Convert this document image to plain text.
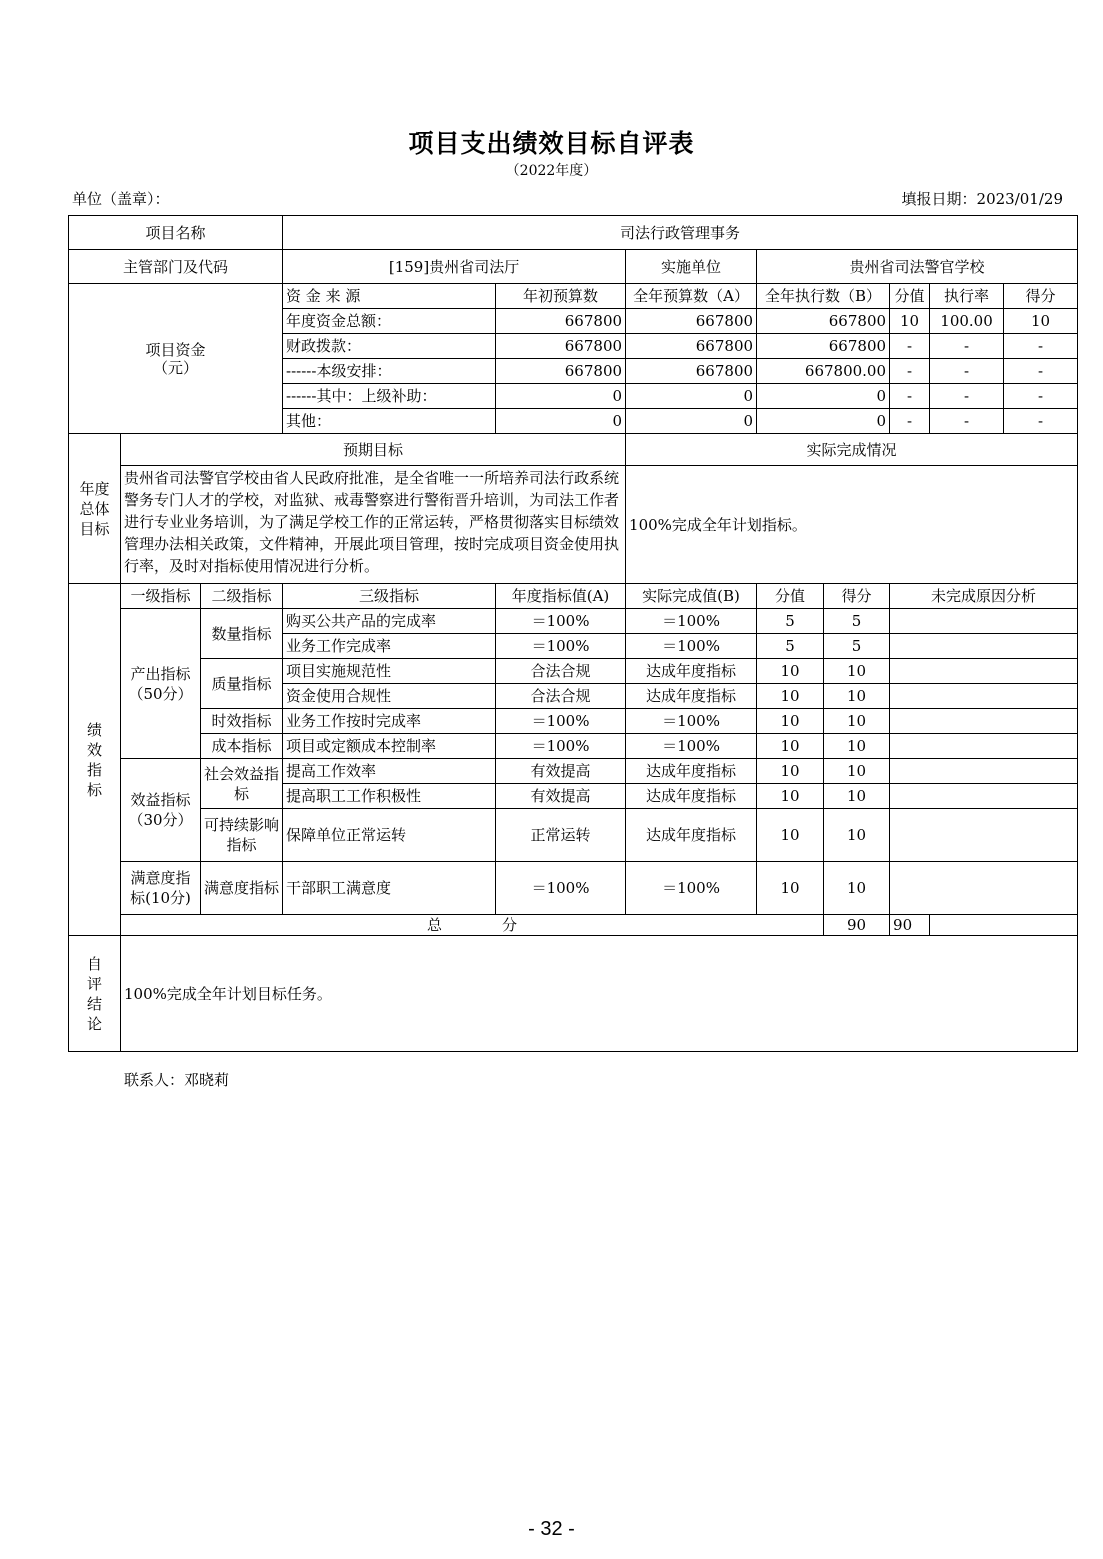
项目支出绩效目标自评表
（2022年度）
单位（盖章）：	填报日期：2023/01/29
项目名称			司法行政管理事务							
主管部门及代码			[159]贵州省司法厅		实施单位	贵州省司法警官学校				

项目资金
（元）			资 金 来 源	年初预算数	全年预算数（A）	全年执行数（B）		分值	执行率	得分
			年度资金总额：	667800	667800	667800		10	100.00	10
			财政拨款：	667800	667800	667800		-	-	-
			------本级安排：	667800	667800	667800.00		-	-	-
			------其中：上级补助：	0	0	0		-	-	-
			其他：	0	0	0		-	-	-
年度总体目标	预期目标				实际完成情况					
	贵州省司法警官学校由省人民政府批准，是全省唯一一所培养司法行政系统警务专门人才的学校，对监狱、戒毒警察进行警衔晋升培训，为司法工作者进行专业业务培训，为了满足学校工作的正常运转，严格贯彻落实目标绩效管理办法相关政策，文件精神，开展此项目管理，按时完成项目资金使用执行率，及时对指标使用情况进行分析。				100%完成全年计划指标。					
绩效指标	一级指标	二级指标	三级指标	年度指标值(A)	实际完成值(B)	分值	得分	未完成原因分析		
	产出指标（50分）	数量指标	购买公共产品的完成率	＝100%	＝100%	5	5			
			业务工作完成率	＝100%	＝100%	5	5			
		质量指标	项目实施规范性	合法合规	达成年度指标	10	10			
			资金使用合规性	合法合规	达成年度指标	10	10			
		时效指标	业务工作按时完成率	＝100%	＝100%	10	10			
		成本指标	项目或定额成本控制率	＝100%	＝100%	10	10			
	效益指标（30分）	社会效益指标	提高工作效率	有效提高	达成年度指标	10	10			
			提高职工工作积极性	有效提高	达成年度指标	10	10			
		可持续影响指标	保障单位正常运转	正常运转	达成年度指标	10	10			
	满意度指标(10分)	满意度指标	干部职工满意度	＝100%	＝100%	10	10			
	总　　　　分						90	90		
自评结论	100%完成全年计划目标任务。									
联系人：邓晓莉
- 32 -
